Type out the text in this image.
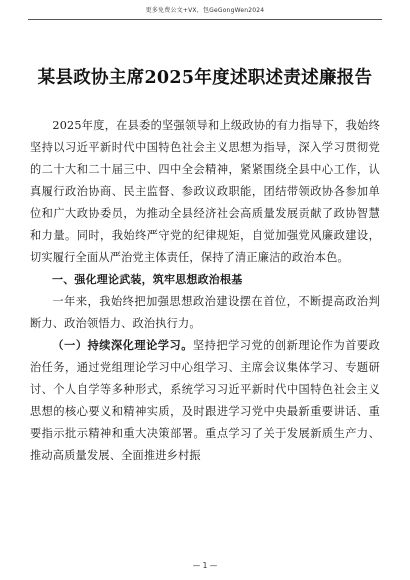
更多免费公文+VX，包GeGongWen2024
某县政协主席2025年度述职述责述廉报告

2025年度，在县委的坚强领导和上级政协的有力指导下，我始终坚持以习近平新时代中国特色社会主义思想为指导，深入学习贯彻党的二十大和二十届三中、四中全会精神，紧紧围绕全县中心工作，认真履行政治协商、民主监督、参政议政职能，团结带领政协各参加单位和广大政协委员，为推动全县经济社会高质量发展贡献了政协智慧和力量。同时，我始终严守党的纪律规矩，自觉加强党风廉政建设，切实履行全面从严治党主体责任，保持了清正廉洁的政治本色。

一、强化理论武装，筑牢思想政治根基

一年来，我始终把加强思想政治建设摆在首位，不断提高政治判断力、政治领悟力、政治执行力。

（一）持续深化理论学习。坚持把学习党的创新理论作为首要政治任务，通过党组理论学习中心组学习、主席会议集体学习、专题研讨、个人自学等多种形式，系统学习习近平新时代中国特色社会主义思想的核心要义和精神实质，及时跟进学习党中央最新重要讲话、重要指示批示精神和重大决策部署。重点学习了关于发展新质生产力、推动高质量发展、全面推进乡村振

— 1 —
